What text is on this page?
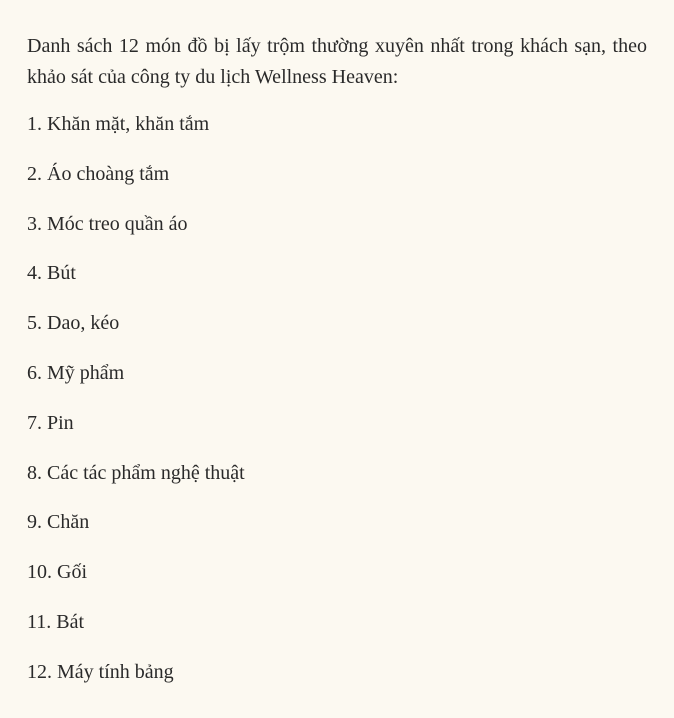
Danh sách 12 món đồ bị lấy trộm thường xuyên nhất trong khách sạn, theo khảo sát của công ty du lịch Wellness Heaven:

1. Khăn mặt, khăn tắm
2. Áo choàng tắm
3. Móc treo quần áo
4. Bút
5. Dao, kéo
6. Mỹ phẩm
7. Pin
8. Các tác phẩm nghệ thuật
9. Chăn
10. Gối
11. Bát
12. Máy tính bảng
